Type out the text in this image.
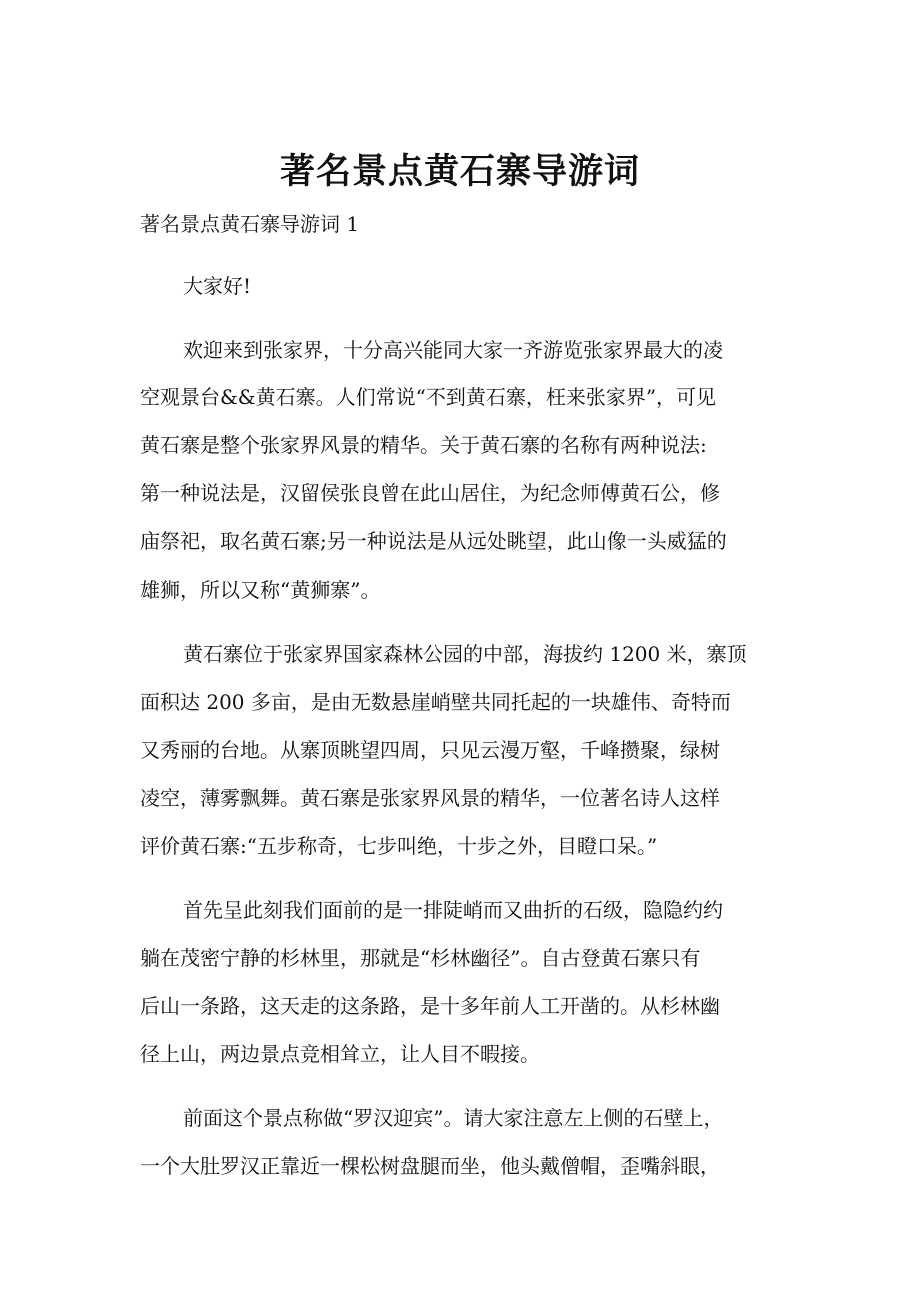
著名景点黄石寨导游词

著名景点黄石寨导游词 1

大家好!

欢迎来到张家界，十分高兴能同大家一齐游览张家界最大的凌

空观景台&&黄石寨。人们常说“不到黄石寨，枉来张家界”，可见

黄石寨是整个张家界风景的精华。关于黄石寨的名称有两种说法:

第一种说法是，汉留侯张良曾在此山居住，为纪念师傅黄石公，修

庙祭祀，取名黄石寨;另一种说法是从远处眺望，此山像一头威猛的

雄狮，所以又称“黄狮寨”。

黄石寨位于张家界国家森林公园的中部，海拔约 1200 米，寨顶

面积达 200 多亩，是由无数悬崖峭壁共同托起的一块雄伟、奇特而

又秀丽的台地。从寨顶眺望四周，只见云漫万壑，千峰攒聚，绿树

凌空，薄雾飘舞。黄石寨是张家界风景的精华，一位著名诗人这样

评价黄石寨:“五步称奇，七步叫绝，十步之外，目瞪口呆。”

首先呈此刻我们面前的是一排陡峭而又曲折的石级，隐隐约约

躺在茂密宁静的杉林里，那就是“杉林幽径”。自古登黄石寨只有

后山一条路，这天走的这条路，是十多年前人工开凿的。从杉林幽

径上山，两边景点竞相耸立，让人目不暇接。

前面这个景点称做“罗汉迎宾”。请大家注意左上侧的石壁上，

一个大肚罗汉正靠近一棵松树盘腿而坐，他头戴僧帽，歪嘴斜眼，
